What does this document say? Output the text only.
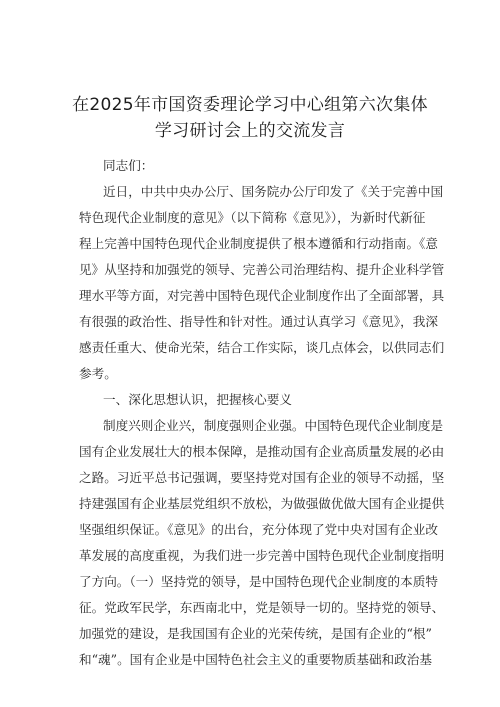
在2025年市国资委理论学习中心组第六次集体
学习研讨会上的交流发言
同志们：
近日，中共中央办公厅、国务院办公厅印发了《关于完善中国
特色现代企业制度的意见》（以下简称《意见》），为新时代新征
程上完善中国特色现代企业制度提供了根本遵循和行动指南。《意
见》从坚持和加强党的领导、完善公司治理结构、提升企业科学管
理水平等方面，对完善中国特色现代企业制度作出了全面部署，具
有很强的政治性、指导性和针对性。通过认真学习《意见》，我深
感责任重大、使命光荣，结合工作实际，谈几点体会，以供同志们
参考。
一、深化思想认识，把握核心要义
制度兴则企业兴，制度强则企业强。中国特色现代企业制度是
国有企业发展壮大的根本保障，是推动国有企业高质量发展的必由
之路。习近平总书记强调，要坚持党对国有企业的领导不动摇，坚
持建强国有企业基层党组织不放松，为做强做优做大国有企业提供
坚强组织保证。《意见》的出台，充分体现了党中央对国有企业改
革发展的高度重视，为我们进一步完善中国特色现代企业制度指明
了方向。（一）坚持党的领导，是中国特色现代企业制度的本质特
征。党政军民学，东西南北中，党是领导一切的。坚持党的领导、
加强党的建设，是我国国有企业的光荣传统，是国有企业的“根”
和“魂”。国有企业是中国特色社会主义的重要物质基础和政治基
